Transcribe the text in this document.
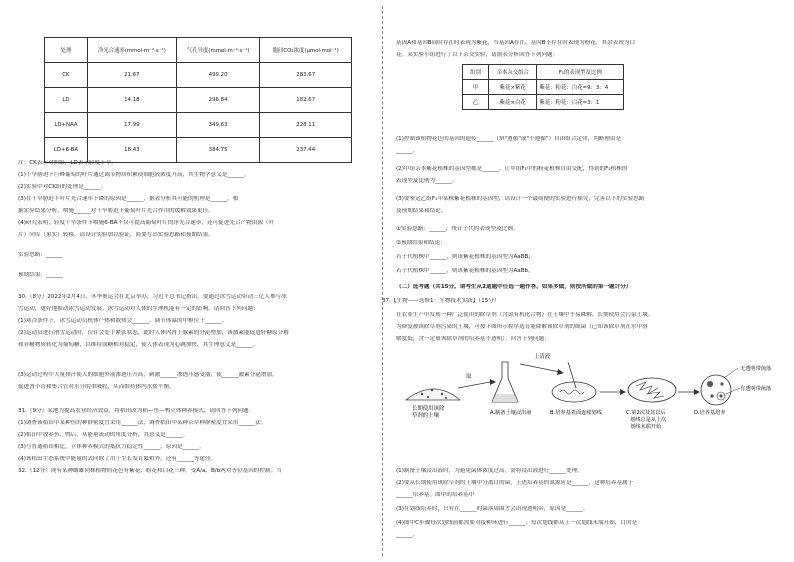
处理	净光合速率(mmol·m⁻²·s⁻¹)	气孔导度(mmol·m⁻²·s⁻¹)	胞间CO₂浓度(μmol·mol⁻¹)
CK	21.67	499.20	283.67
LD	14.18	296.84	182.67
LD+NAA	17.99	349.63	228.11
LD+6-BA	18.43	384.75	237.44
注：CK表示对照组，LD表示轻度干旱。
(1)干旱胁迫下巨峰葡萄的叶片通过调节物质积累使细胞液浓度升高，其生物学意义是______。
(2)实验中对CK组的处理是______。
(3)在干旱胁迫下叶片光合速率下降的原因是______，据表分析其可能的机理是______。根
据实验结果分析，喷施______对干旱胁迫下葡萄叶片光合作用的缓解效果更佳。
(4)研究表明，轻度干旱条件下喷施6-BA不仅可提高葡萄叶片的净光合速率，还可促进光合产物由源（叶
片）向库（果实）转移。请设计实验加以验证，简要写出实验思路和预期结果。
实验思路：______
预期结果：______
30.（8分）2022年2月4日，冬季奥运会在北京举办，习近平总书记指出，要通过冰雪运动带动三亿人参与冰
雪运动，更好地推动冰雪运动发展。冰雪运动对人体的生理机能有一定的影响。请回答下列问题：
(1)寒冷条件下，冰雪运动员机体产热和散热会______，调节体温的中枢位于______。
(2)运动员进行滑雪运动时，往往会处于紧张状态，此时人体内肾上腺素的分泌增加，该激素能促进肝糖原分解
和非糖物质转化为葡萄糖，以维持血糖相对稳定，使人体表现为心跳加快，其生理意义是______。
(3)运动过程中大量排汗使人的细胞外液渗透压升高，刺激______渗透压感受器，使______激素分泌增加，
促进肾小管和集合管对水分的重吸收，从而维持体内水盐平衡。
31.（9分）某地为提高农业经济效益，将稻田改为稻—鱼—鸭立体种养模式，请回答下列问题：
(1)调查该稻田中某种鱼的种群密度宜采用______法，调查稻田中某种杂草种群密度宜采用______法。
(2)稻田中放养鱼、鸭后，从能量流动的角度分析，其意义是______。
(3)与普通稻田相比，立体种养模式的抵抗力稳定性______，原因是______。
(4)该稻田生态系统中能量的去向除了用于生长发育繁殖外，还有______等途径。
32.（12分）现有某种雌雄同株植物的花色有紫花、粉花和白花三种，受A/a、B/b两对等位基因的控制。当
基因A和基因B同时存在时表现为紫花，当基因A存在，基因B不存在时表现为粉花，其余表现为白
花。某实验小组进行了以下杂交实验，请据表分析回答下列问题：
组别	亲本杂交组合	F₁的表现型及比例
甲	紫花×紫花	紫花：粉花：白花=9：3：4
乙	紫花×白花	紫花：粉花：白花=3：1
(1)控制该植物花色的基因的遗传______（填"遵循"或"不遵循"）自由组合定律，判断理由是
______。
(2)甲组亲本紫花植株的基因型都是______，让甲组F₁中的粉花植株自由交配，得到的F₂植株的
表现型及比例为______。
(3)要鉴定乙组F₁中某株紫花植株的基因型，请设计一个最简便的实验进行探究，完善以下的实验思路
及预期结果和结论。
①实验思路：______，统计子代的表现型及比例。
②预期结果和结论：
若子代植株中______，则该紫花植株的基因型为AaBB；
若子代植株中______，则该紫花植株的基因型为AaBb。
（二）选考题（共15分。请考生从2道题中任选一题作答。如果多做，则按所做的第一题计分）
37.【生物——选修1：生物技术实践】（15分）
在农业生产中发现一种广泛使用的除草剂（含氮有机化合物）在土壤中不易降解，长期使用会污染土壤。
为修复被该除草剂污染的土壤，可按下图所示程序选育能降解该除草剂的细菌（已知该除草剂在水中溶
解度低，含一定量该除草剂的培养基不透明）。回答下列问题：
长期使用该除草剂的土壤
取
上清液
无透明带菌落
有透明带菌落
A.制备土壤浸出液	B.培养基表面连续划线	C.第2次及其以后
划线总是从上次
划线末端开始
D.培养基培养
(1)制备土壤浸出液时，为避免菌体浓度过高，需将浸出液进行______处理。
(2)要从长期使用该除草剂的土壤中分离目的菌，上述培养基的氮源应是______，这种培养基属于
______培养基。图中的培养基中
(3)在划线培养时，只有在______的菌落周围才会出现透明带，原因是______。
(4)图中C步骤每次划线前都需要对接种环进行______，每次划线都从上一次划线末端开始，目的是
______。
